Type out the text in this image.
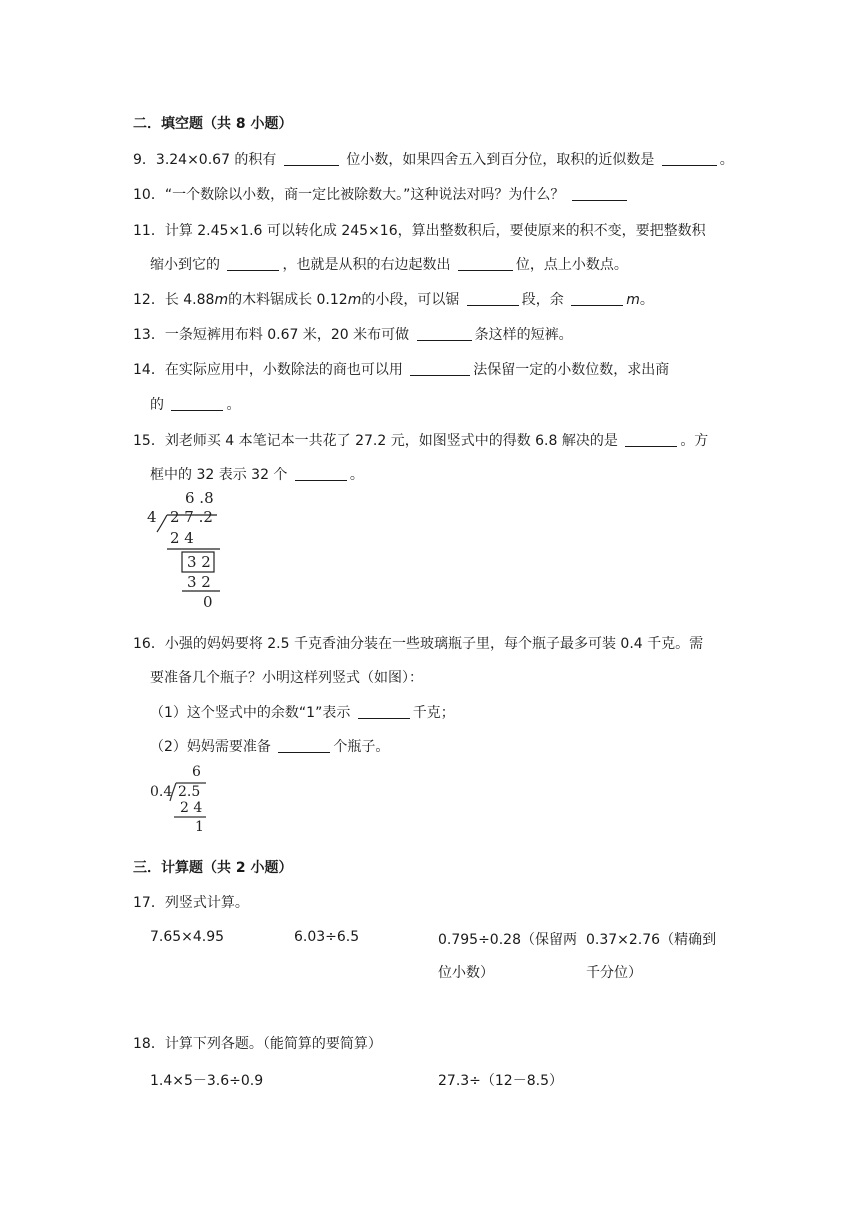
二．填空题（共 8 小题）
9．3.24×0.67 的积有	位小数，如果四舍五入到百分位，取积的近似数是	。
10．“一个数除以小数，商一定比被除数大。”这种说法对吗？为什么？
11．计算 2.45×1.6 可以转化成 245×16，算出整数积后，要使原来的积不变，要把整数积
缩小到它的	，也就是从积的右边起数出	位，点上小数点。
12．长 4.88m的木料锯成长 0.12m的小段，可以锯	段，余	m。
13．一条短裤用布料 0.67 米，20 米布可做	条这样的短裤。
14．在实际应用中，小数除法的商也可以用	法保留一定的小数位数，求出商
的	。
15．刘老师买 4 本笔记本一共花了 27.2 元，如图竖式中的得数 6.8 解决的是	。方
框中的 32 表示 32 个	。
6 .8
4 2 7 .2
2 4
3 2
3 2
0
16．小强的妈妈要将 2.5 千克香油分装在一些玻璃瓶子里，每个瓶子最多可装 0.4 千克。需
要准备几个瓶子？小明这样列竖式（如图）：
（1）这个竖式中的余数“1”表示	千克；
（2）妈妈需要准备	个瓶子。
6
0.4 2.5
2 4
1
三．计算题（共 2 小题）
17．列竖式计算。
7.65×4.95	6.03÷6.5	0.795÷0.28（保留两 0.37×2.76（精确到
位小数）	千分位）
18．计算下列各题。（能简算的要简算）
1.4×5－3.6÷0.9	27.3÷（12－8.5）
